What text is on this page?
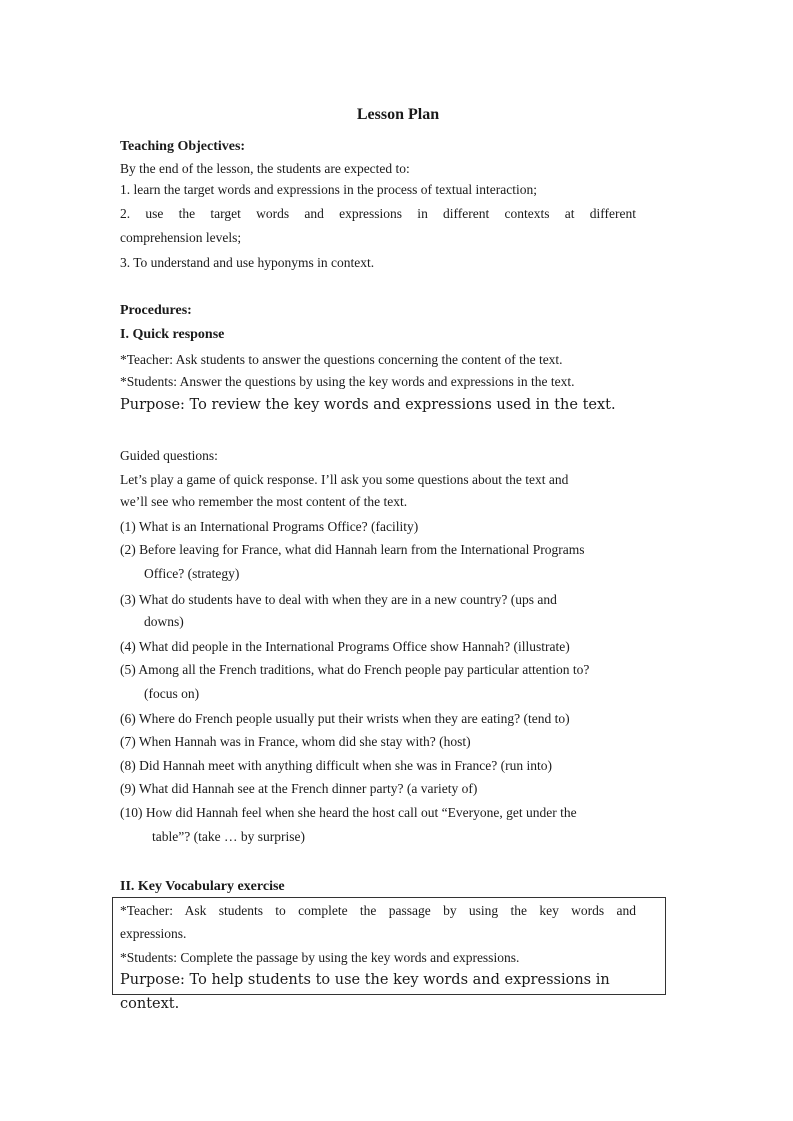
Lesson Plan
Teaching Objectives:
By the end of the lesson, the students are expected to:
1. learn the target words and expressions in the process of textual interaction;
2. use the target words and expressions in different contexts at different
comprehension levels;
3. To understand and use hyponyms in context.
Procedures:
I. Quick response
*Teacher: Ask students to answer the questions concerning the content of the text.
*Students: Answer the questions by using the key words and expressions in the text.
Purpose: To review the key words and expressions used in the text.
Guided questions:
Let’s play a game of quick response. I’ll ask you some questions about the text and
we’ll see who remember the most content of the text.
(1) What is an International Programs Office? (facility)
(2) Before leaving for France, what did Hannah learn from the International Programs
Office? (strategy)
(3) What do students have to deal with when they are in a new country? (ups and
downs)
(4) What did people in the International Programs Office show Hannah? (illustrate)
(5) Among all the French traditions, what do French people pay particular attention to?
(focus on)
(6) Where do French people usually put their wrists when they are eating? (tend to)
(7) When Hannah was in France, whom did she stay with? (host)
(8) Did Hannah meet with anything difficult when she was in France? (run into)
(9) What did Hannah see at the French dinner party? (a variety of)
(10) How did Hannah feel when she heard the host call out “Everyone, get under the
table”? (take … by surprise)
II. Key Vocabulary exercise
*Teacher: Ask students to complete the passage by using the key words and
expressions.
*Students: Complete the passage by using the key words and expressions.
Purpose: To help students to use the key words and expressions in
context.
